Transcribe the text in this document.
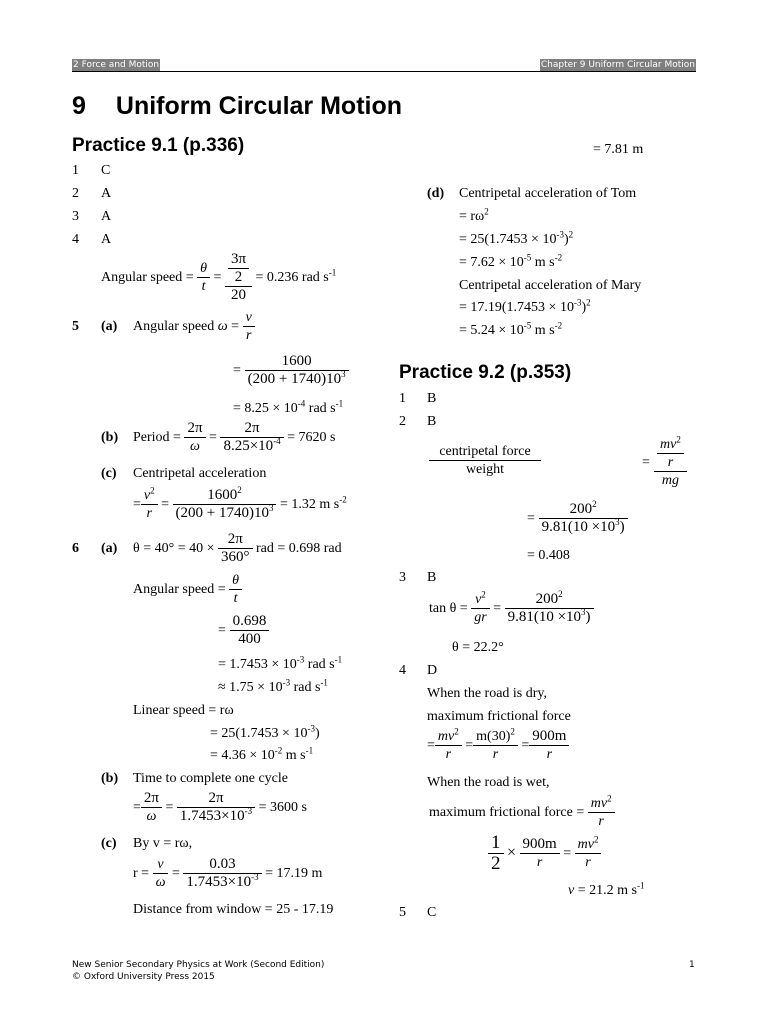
2 Force and Motion	Chapter 9 Uniform Circular Motion
9 Uniform Circular Motion
Practice 9.1 (p.336)
1 C
2 A
3 A
4 A
Angular speed = $\frac{\theta}{t} = \frac{\frac{3\pi}{2}}{20} = 0.236$ rad $s^{-1}$
5 (a) Angular speed $\omega = \frac{v}{r}$
= $\frac{1600}{(200 + 1740)10^3}$
= $8.25 \times 10^{-4}$ rad $s^{-1}$
(b) Period = $\frac{2\pi}{\omega} = \frac{2\pi}{8.25\times 10^{-4}} = 7620$ s
(c) Centripetal acceleration
= $\frac{v^2}{r} = \frac{1600^2}{(200 + 1740)10^3} = 1.32$ m $s^{-2}$
6 (a) $\theta = 40^\circ = 40 \times \frac{2\pi}{360^\circ}$ rad = 0.698 rad
Angular speed = $\frac{\theta}{t}$
= $\frac{0.698}{400}$
= $1.7453 \times 10^{-3}$ rad $s^{-1}$
≈ $1.75 \times 10^{-3}$ rad $s^{-1}$
Linear speed = rω
= $25(1.7453 \times 10^{-3})$
= $4.36 \times 10^{-2}$ m $s^{-1}$
(b) Time to complete one cycle
= $\frac{2\pi}{\omega} = \frac{2\pi}{1.7453\times 10^{-3}} = 3600$ s
(c) By v = rω,
$r = \frac{v}{\omega} = \frac{0.03}{1.7453\times 10^{-3}} = 17.19$ m
Distance from window = 25 - 17.19
= 7.81 m
(d) Centripetal acceleration of Tom
= $r\omega^2$
= $25(1.7453 \times 10^{-3})^2$
= $7.62 \times 10^{-5}$ m $s^{-2}$
Centripetal acceleration of Mary
= $17.19(1.7453 \times 10^{-3})^2$
= $5.24 \times 10^{-5}$ m $s^{-2}$
Practice 9.2 (p.353)
1 B
2 B
$\frac{\text{centripetal force}}{\text{weight}}$	= $\frac{\frac{mv^2}{r}}{mg}$
= $\frac{200^2}{9.81(10 \times 10^3)}$
= 0.408
3 B
$\tan \theta = \frac{v^2}{gr} = \frac{200^2}{9.81(10 \times 10^3)}$
θ = 22.2°
4 D
When the road is dry,
maximum frictional force
= $\frac{mv^2}{r} = \frac{m(30)^2}{r} = \frac{900m}{r}$
When the road is wet,
maximum frictional force = $\frac{mv^2}{r}$
$\frac{1}{2} \times \frac{900m}{r} = \frac{mv^2}{r}$
v = 21.2 m $s^{-1}$
5 C
New Senior Secondary Physics at Work (Second Edition)
© Oxford University Press 2015
1
